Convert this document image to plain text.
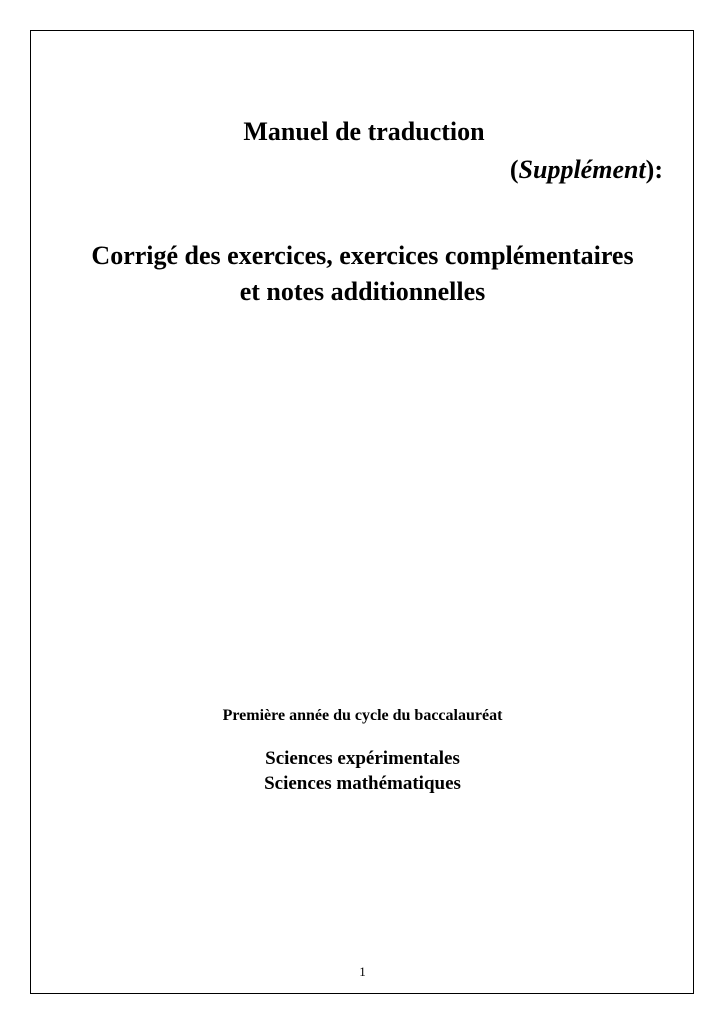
Manuel de traduction
(Supplément):
Corrigé des exercices, exercices complémentaires
et notes additionnelles

Première année du cycle du baccalauréat

Sciences expérimentales
Sciences mathématiques

1
